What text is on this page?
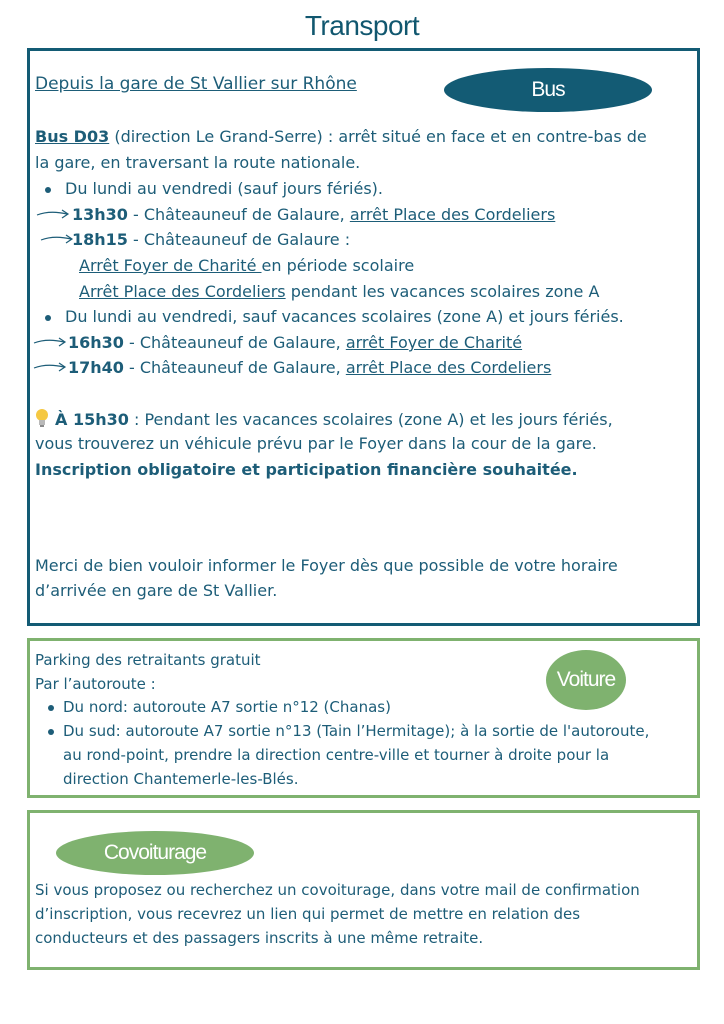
Transport
Bus
Depuis la gare de St Vallier sur Rhône
Bus D03 (direction Le Grand-Serre) : arrêt situé en face et en contre-bas de
la gare, en traversant la route nationale.
Du lundi au vendredi (sauf jours fériés).
13h30 - Châteauneuf de Galaure, arrêt Place des Cordeliers
18h15 - Châteauneuf de Galaure :
Arrêt Foyer de Charité en période scolaire
Arrêt Place des Cordeliers pendant les vacances scolaires zone A
Du lundi au vendredi, sauf vacances scolaires (zone A) et jours fériés.
16h30 - Châteauneuf de Galaure, arrêt Foyer de Charité
17h40 - Châteauneuf de Galaure, arrêt Place des Cordeliers
À 15h30 : Pendant les vacances scolaires (zone A) et les jours fériés,
vous trouverez un véhicule prévu par le Foyer dans la cour de la gare.
Inscription obligatoire et participation financière souhaitée.
Merci de bien vouloir informer le Foyer dès que possible de votre horaire
d’arrivée en gare de St Vallier.
Voiture
Parking des retraitants gratuit
Par l’autoroute :
Du nord: autoroute A7 sortie n°12 (Chanas)
Du sud: autoroute A7 sortie n°13 (Tain l’Hermitage); à la sortie de l'autoroute,
au rond-point, prendre la direction centre-ville et tourner à droite pour la
direction Chantemerle-les-Blés.
Covoiturage
Si vous proposez ou recherchez un covoiturage, dans votre mail de confirmation
d’inscription, vous recevrez un lien qui permet de mettre en relation des
conducteurs et des passagers inscrits à une même retraite.
